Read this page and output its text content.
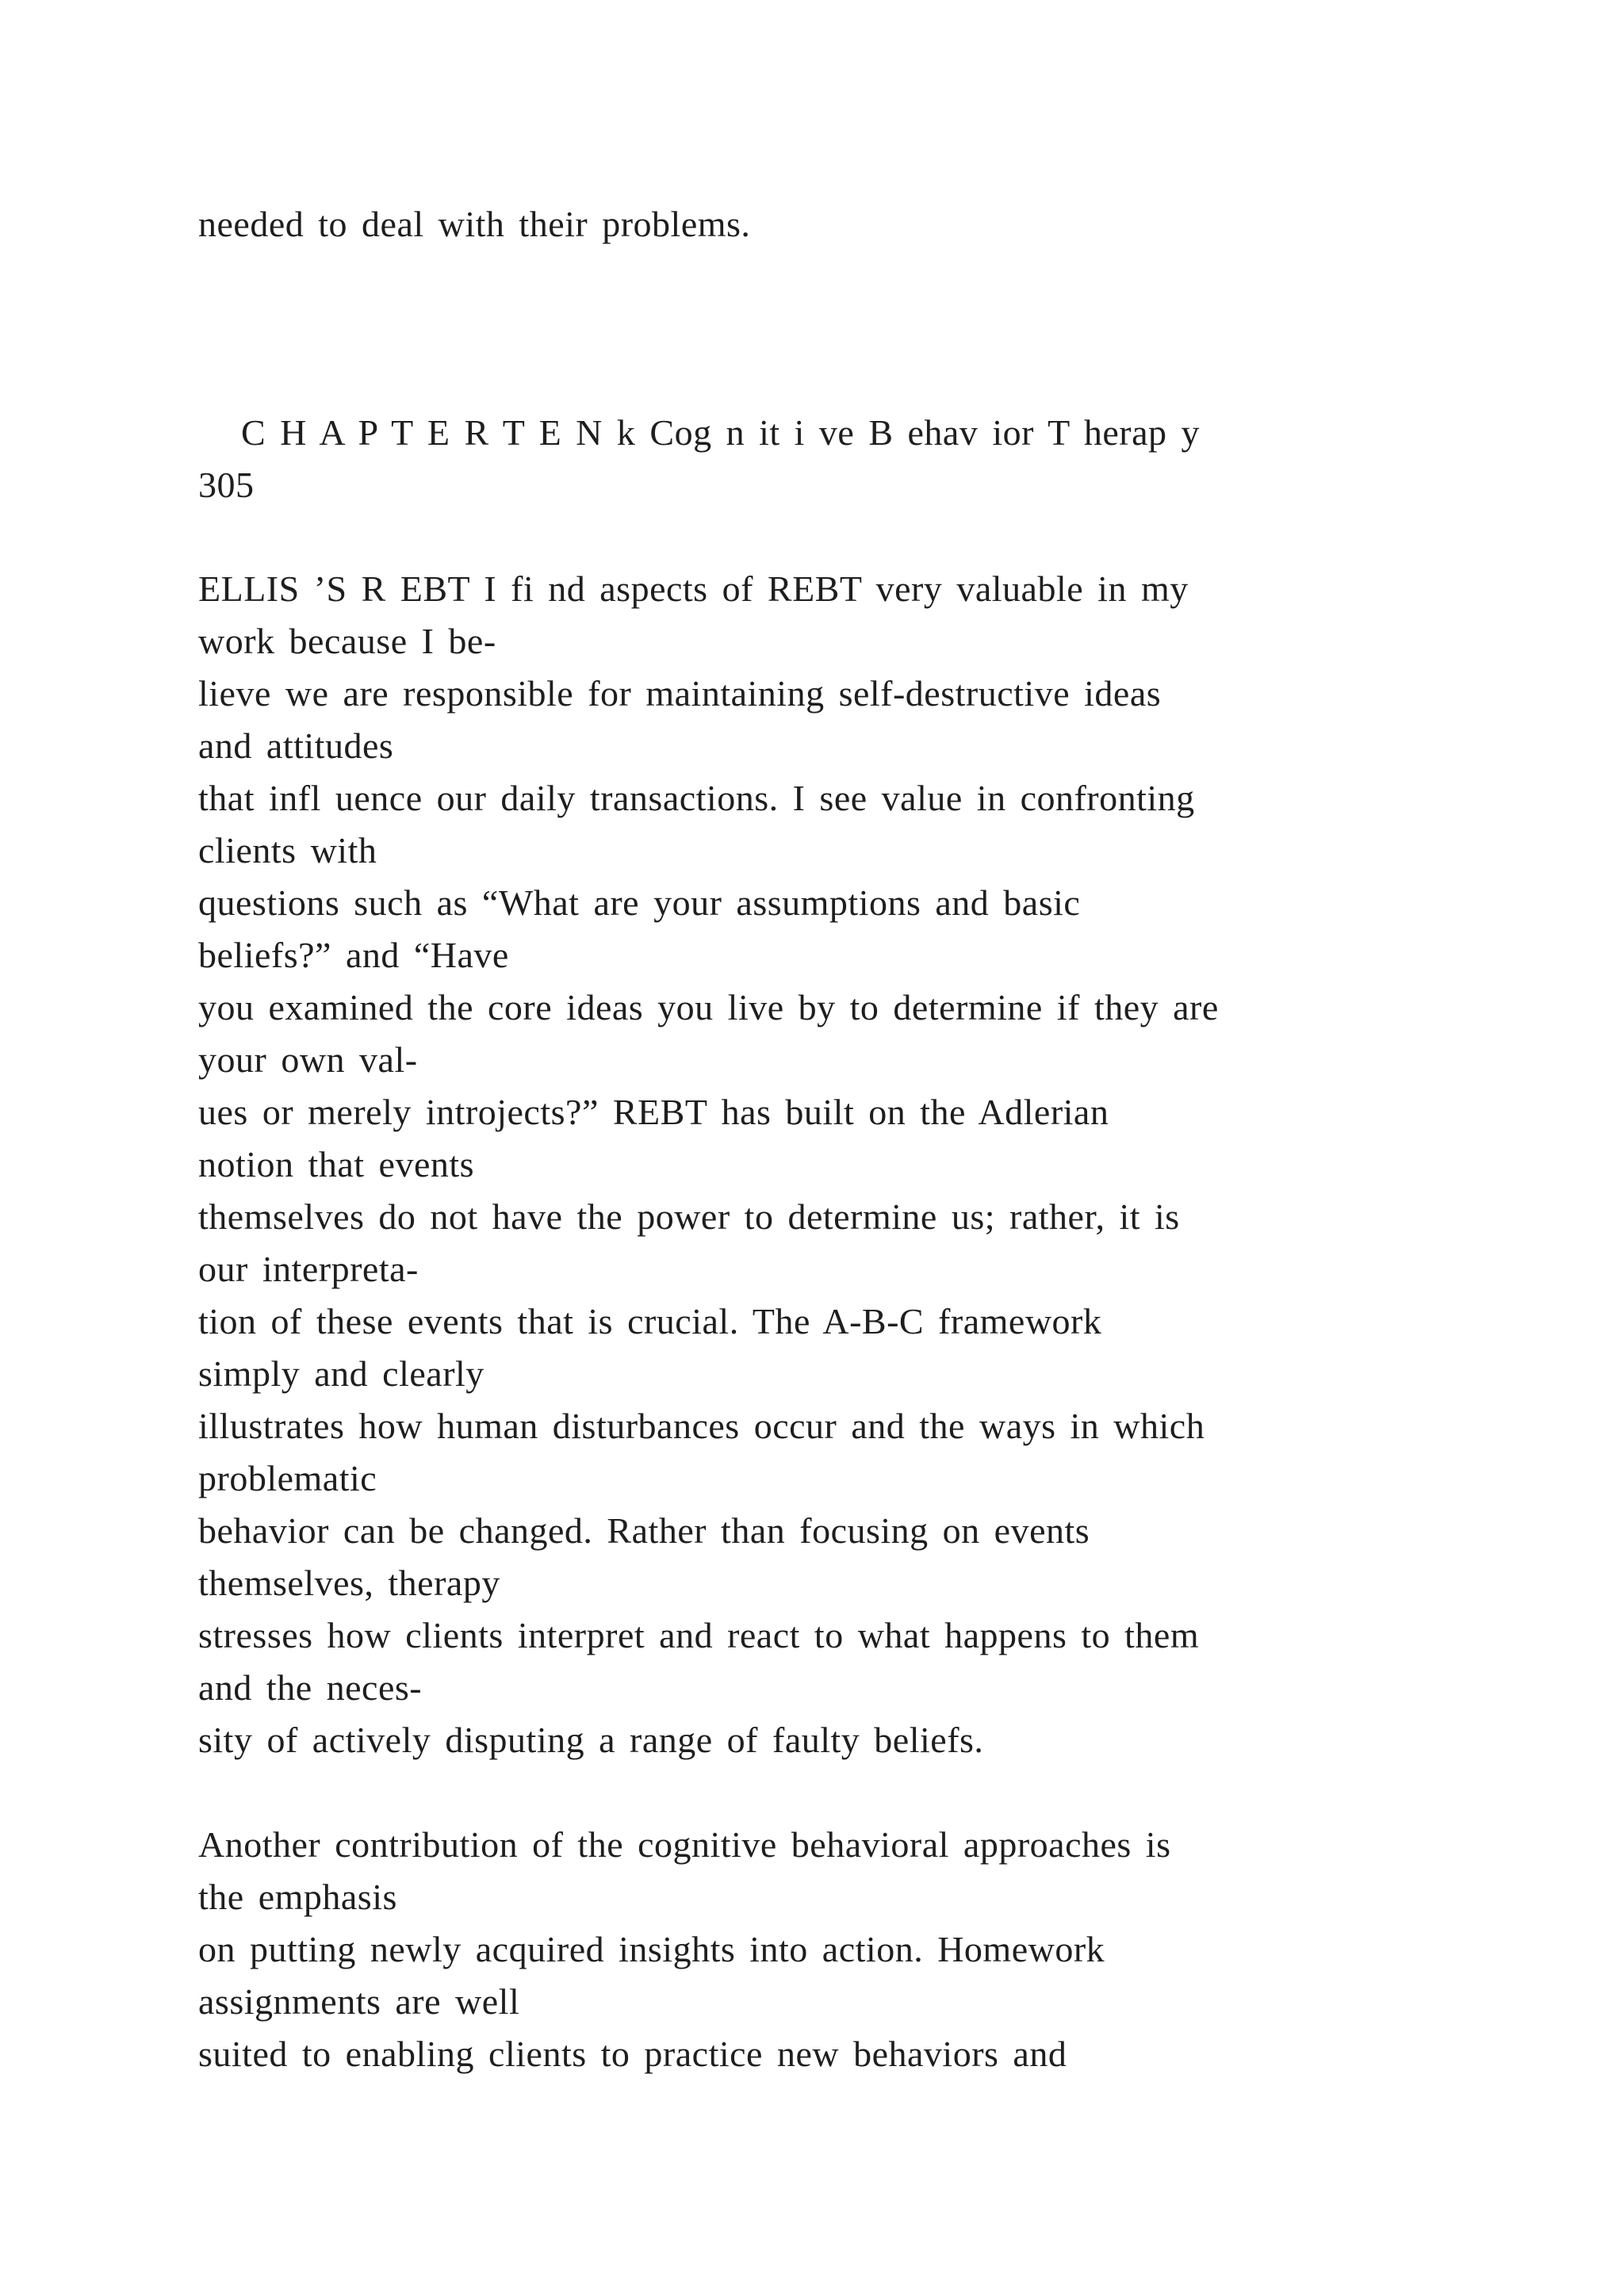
needed to deal with their problems.
C H A P T E R T E N k Cog n it i ve B ehav ior T herap y
305
ELLIS ’S R EBT I fi nd aspects of REBT very valuable in my
work because I be-
lieve we are responsible for maintaining self-destructive ideas
and attitudes
that infl uence our daily transactions. I see value in confronting
clients with
questions such as “What are your assumptions and basic
beliefs?” and “Have
you examined the core ideas you live by to determine if they are
your own val-
ues or merely introjects?” REBT has built on the Adlerian
notion that events
themselves do not have the power to determine us; rather, it is
our interpreta-
tion of these events that is crucial. The A-B-C framework
simply and clearly
illustrates how human disturbances occur and the ways in which
problematic
behavior can be changed. Rather than focusing on events
themselves, therapy
stresses how clients interpret and react to what happens to them
and the neces-
sity of actively disputing a range of faulty beliefs.
Another contribution of the cognitive behavioral approaches is
the emphasis
on putting newly acquired insights into action. Homework
assignments are well
suited to enabling clients to practice new behaviors and
